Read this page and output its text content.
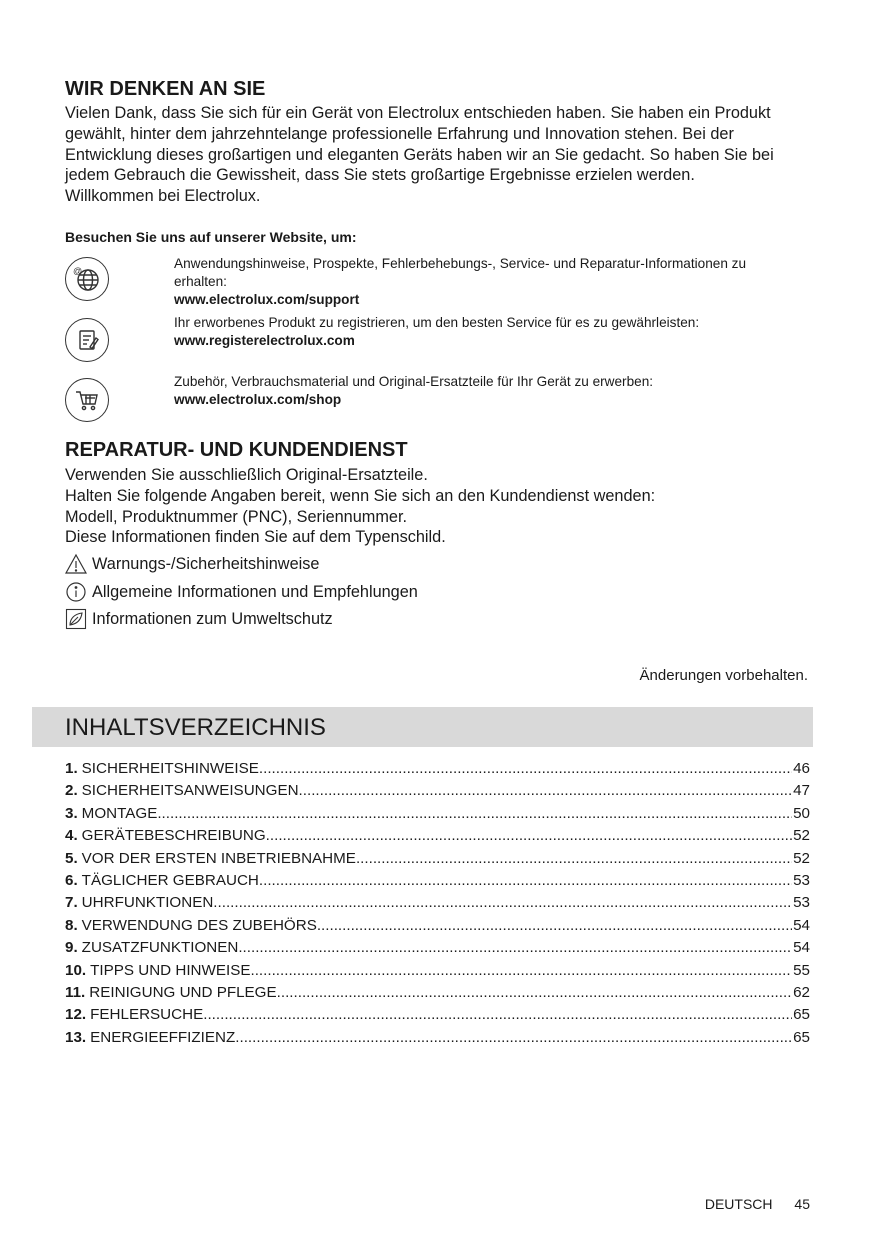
WIR DENKEN AN SIE

Vielen Dank, dass Sie sich für ein Gerät von Electrolux entschieden haben. Sie haben ein Produkt gewählt, hinter dem jahrzehntelange professionelle Erfahrung und Innovation stehen. Bei der Entwicklung dieses großartigen und eleganten Geräts haben wir an Sie gedacht. So haben Sie bei jedem Gebrauch die Gewissheit, dass Sie stets großartige Ergebnisse erzielen werden.

Willkommen bei Electrolux.

Besuchen Sie uns auf unserer Website, um:
@	Anwendungshinweise, Prospekte, Fehlerbehebungs-, Service- und Reparatur-Informationen zu erhalten:
www.electrolux.com/support
Ihr erworbenes Produkt zu registrieren, um den besten Service für es zu gewährleisten:
www.registerelectrolux.com
Zubehör, Verbrauchsmaterial und Original-Ersatzteile für Ihr Gerät zu erwerben:
www.electrolux.com/shop
REPARATUR- UND KUNDENDIENST

Verwenden Sie ausschließlich Original-Ersatzteile.

Halten Sie folgende Angaben bereit, wenn Sie sich an den Kundendienst wenden:

Modell, Produktnummer (PNC), Seriennummer.

Diese Informationen finden Sie auf dem Typenschild.

Warnungs-/Sicherheitshinweise
Allgemeine Informationen und Empfehlungen
Informationen zum Umweltschutz
Änderungen vorbehalten.
1. SICHERHEITSHINWEISE .....	46
2. SICHERHEITSANWEISUNGEN .....	47
3. MONTAGE .....	50
4. GERÄTEBESCHREIBUNG .....	52
5. VOR DER ERSTEN INBETRIEBNAHME .....	52
6. TÄGLICHER GEBRAUCH .....	53
7. UHRFUNKTIONEN .....	53
8. VERWENDUNG DES ZUBEHÖRS .....	54
9. ZUSATZFUNKTIONEN .....	54
10. TIPPS UND HINWEISE .....	55
11. REINIGUNG UND PFLEGE .....	62
12. FEHLERSUCHE .....	65
13. ENERGIEEFFIZIENZ .....	65
DEUTSCH 45
INHALTSVERZEICHNIS
